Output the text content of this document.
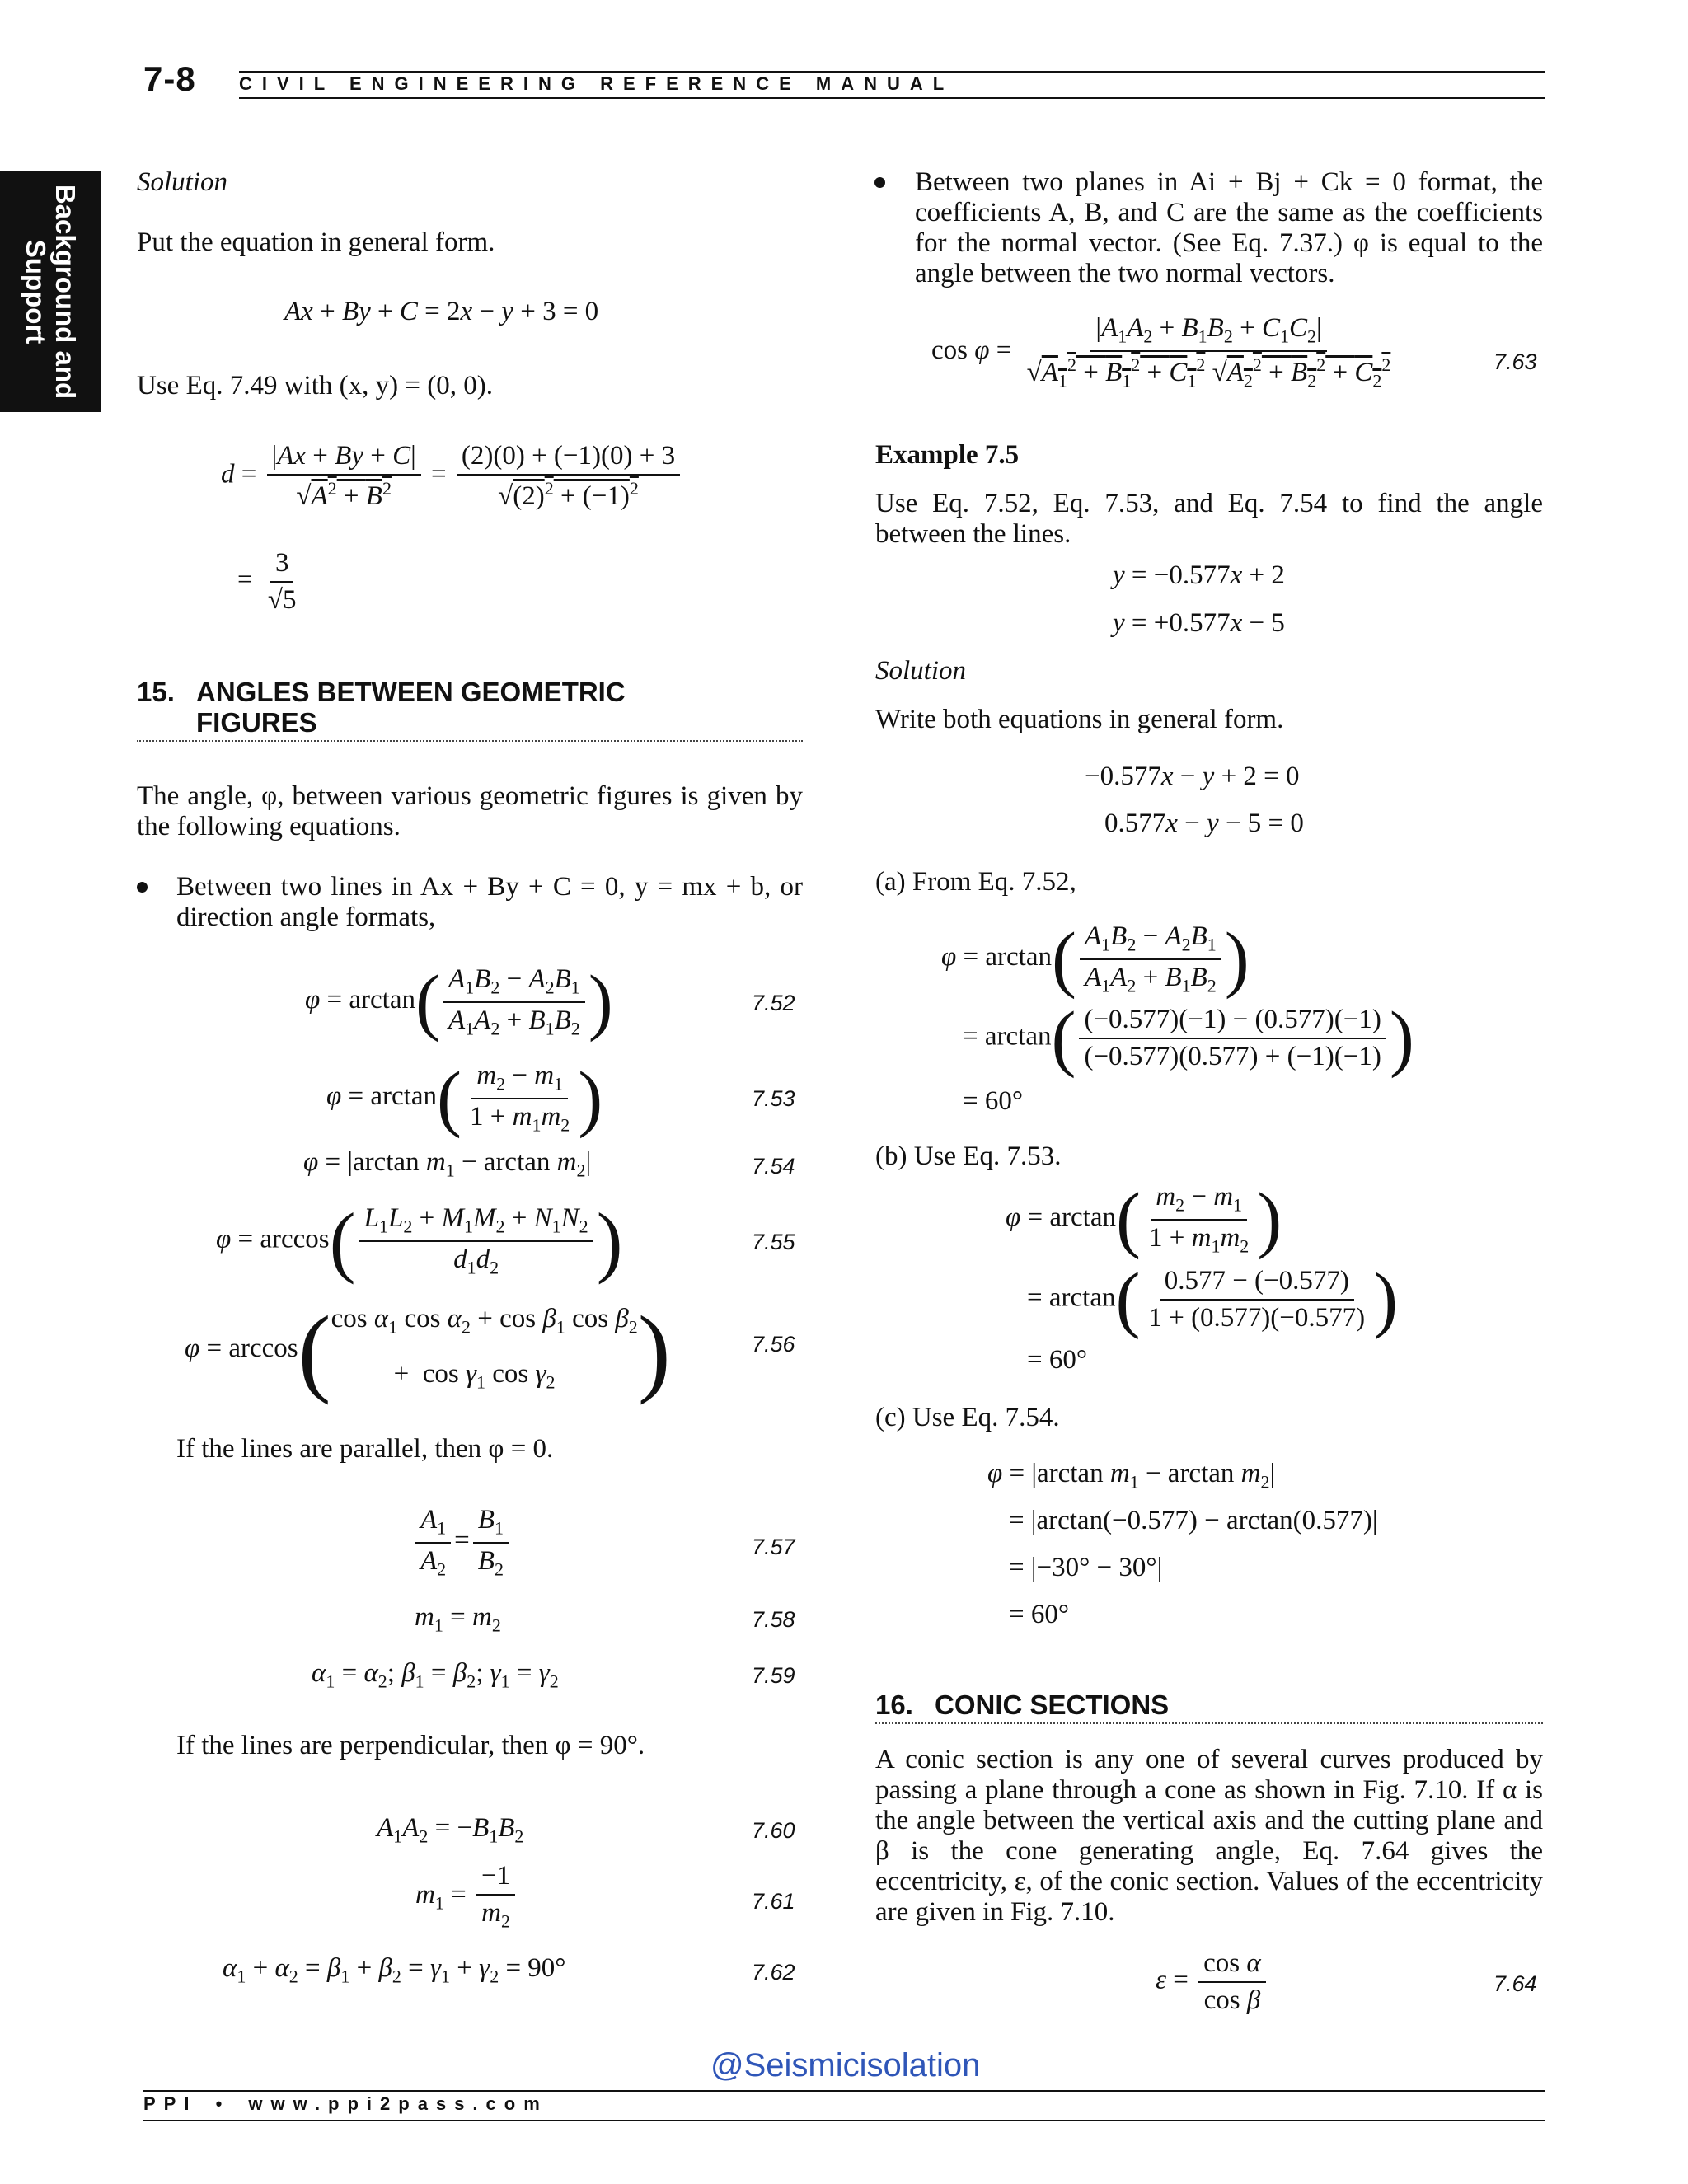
7-8 CIVIL ENGINEERING REFERENCE MANUAL
Background and
Support
Solution
Put the equation in general form.
Ax + By + C = 2x − y + 3 = 0
Use Eq. 7.49 with (x, y) = (0, 0).
$d = \frac{|Ax + By + C|}{√A^2 + B^2} = \frac{(2)(0) + (-1)(0) + 3}{√(2)^2 + (-1)^2}$
= $\frac{3}{√5}$
15. ANGLES BETWEEN GEOMETRIC
FIGURES
The angle, φ, between various geometric figures is given by the following equations.
Between two lines in Ax + By + C = 0, y = mx + b, or direction angle formats,
$\varphi = \arctan( \frac{A_1B_2 - A_2B_1}{A_1A_2 + B_1B_2}$ )	7.52
$\varphi = \arctan( \frac{m_2 - m_1}{1 + m_1m_2}$ )	7.53
φ = |arctan $m_1 - \arctan m_2|$	7.54
$\varphi = \arccos( \frac{L_1L_2 + M_1M_2 + N_1N_2}{d_1d_2}$ )	7.55
φ = arccos( $\cos \alpha_1$ $\cos \alpha_2 + \cos \beta_1$ $\cos \beta_2$
+  $\cos \gamma_1$ $\cos \gamma_2$ )	7.56
If the lines are parallel, then φ = 0.
$\frac{A_1}{A_2} = \frac{B_1}{B_2}$	7.57
$m_1 = m_2$	7.58
$\alpha_1 = \alpha_2$; $\beta_1 = \beta_2$; $\gamma_1 = \gamma_2$	7.59
If the lines are perpendicular, then φ = 90°.
$A_1A_2 = -B_1B_2$	7.60
$m_1 = \frac{-1}{m_2}$	7.61
$\alpha_1 + \alpha_2 = \beta_1 + \beta_2 = \gamma_1 + \gamma_2 = 90^\circ$	7.62
Between two planes in Ai + Bj + Ck = 0 format, the coefficients A, B, and C are the same as the coefficients for the normal vector. (See Eq. 7.37.) φ is equal to the angle between the two normal vectors.
$\cos \varphi = \frac{|A_1A_2 + B_1B_2 + C_1C_2|}{√A_1^2 + B_1^2 + C_1^2 √A_2^2 + B_2^2 + C_2^2}$	7.63
Example 7.5
Use Eq. 7.52, Eq. 7.53, and Eq. 7.54 to find the angle between the lines.
y = −0.577x + 2
y = +0.577x − 5
Solution
Write both equations in general form.
−0.577x − y + 2 = 0
0.577x − y − 5 = 0
(a) From Eq. 7.52,
$\varphi = \arctan( \frac{A_1B_2 - A_2B_1}{A_1A_2 + B_1B_2}$ )
= $\arctan( \frac{(-0.577)(-1) - (0.577)(-1)}{(-0.577)(0.577) + (-1)(-1)}$ )
= 60°
(b) Use Eq. 7.53.
$\varphi = \arctan( \frac{m_2 - m_1}{1 + m_1m_2}$ )
= $\arctan( \frac{0.577 - (-0.577)}{1 + (0.577)(-0.577)}$ )
= 60°
(c) Use Eq. 7.54.
φ = |arctan $m_1 - \arctan m_2|$
= |arctan(−0.577) − arctan(0.577)|
= |−30° − 30°|
= 60°
16. CONIC SECTIONS
A conic section is any one of several curves produced by passing a plane through a cone as shown in Fig. 7.10. If α is the angle between the vertical axis and the cutting plane and β is the cone generating angle, Eq. 7.64 gives the eccentricity, ε, of the conic section. Values of the eccentricity are given in Fig. 7.10.
$\varepsilon = \frac{\text{cos α}}{\text{cos β}}$	7.64
@Seismicisolation
PPI • www.ppi2pass.com
